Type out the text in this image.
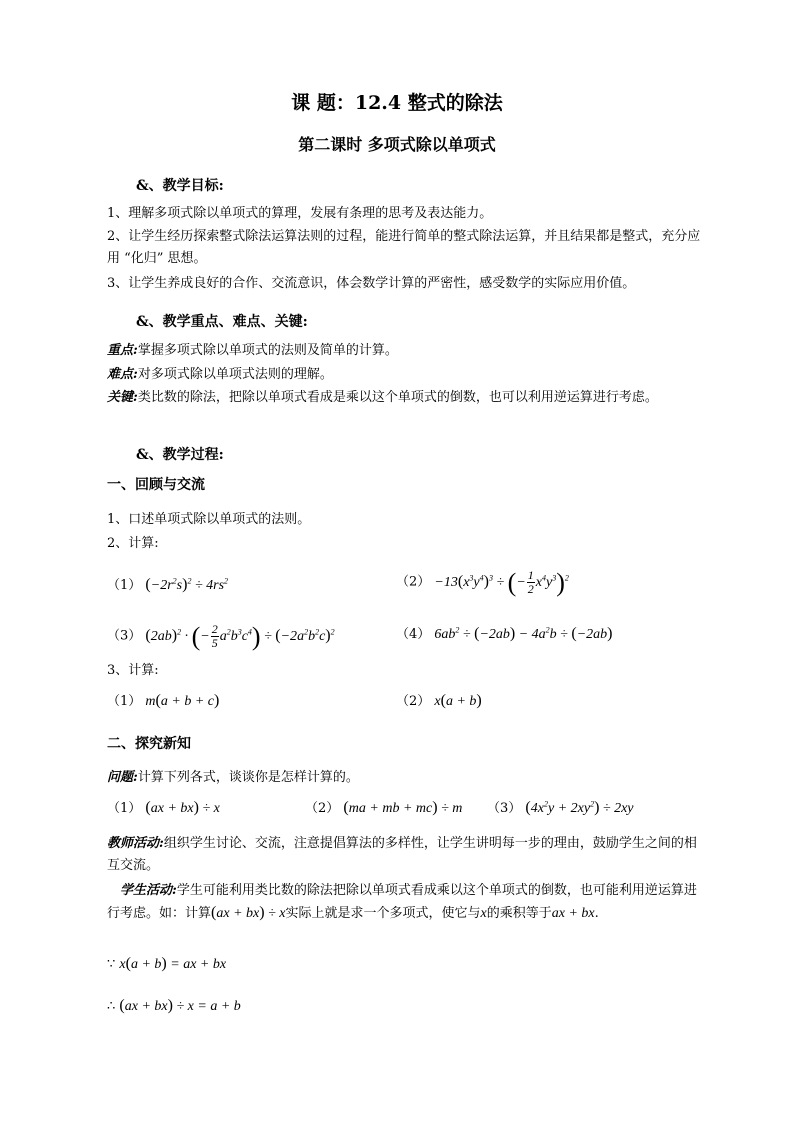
课 题：12.4 整式的除法
第二课时 多项式除以单项式
&、教学目标:
1、理解多项式除以单项式的算理，发展有条理的思考及表达能力。
2、让学生经历探索整式除法运算法则的过程，能进行简单的整式除法运算，并且结果都是整式，充分应用 “化归” 思想。
3、让学生养成良好的合作、交流意识，体会数学计算的严密性，感受数学的实际应用价值。
&、教学重点、难点、关键:
重点:掌握多项式除以单项式的法则及简单的计算。
难点:对多项式除以单项式法则的理解。
关键:类比数的除法，把除以单项式看成是乘以这个单项式的倒数，也可以利用逆运算进行考虑。
&、教学过程:
一、回顾与交流
1、口述单项式除以单项式的法则。
2、计算:
（1） $(-2r^2s)^2 \div 4rs^2$	$(2) -13(x^3y^4)^3$ ÷ (− $\frac{1}{2} x^4y^3)^2$
（3） $(2ab)^2$ · (− $\frac{2}{5} a^2b^3c^4) \div (-2a^2b^2c)^2$	（4） $6ab^2 \div (-2ab) - 4a^2b \div (-2ab)$
3、计算:
（1） m(a + b + c)	（2） x(a + b)
二、探究新知
问题:计算下列各式，谈谈你是怎样计算的。
（1） (ax + bx) ÷ x	（2） (ma + mb + mc) ÷ m （3） $(4x^2y + 2xy^2) \div 2xy$
教师活动:组织学生讨论、交流，注意提倡算法的多样性，让学生讲明每一步的理由，鼓励学生之间的相互交流。
学生活动:学生可能利用类比数的除法把除以单项式看成乘以这个单项式的倒数，也可能利用逆运算进行考虑。如：计算(ax + bx) ÷ x实际上就是求一个多项式，使它与x的乘积等于ax + bx.
∵ x(a + b) = ax + bx
∴ (ax + bx) ÷ x = a + b
